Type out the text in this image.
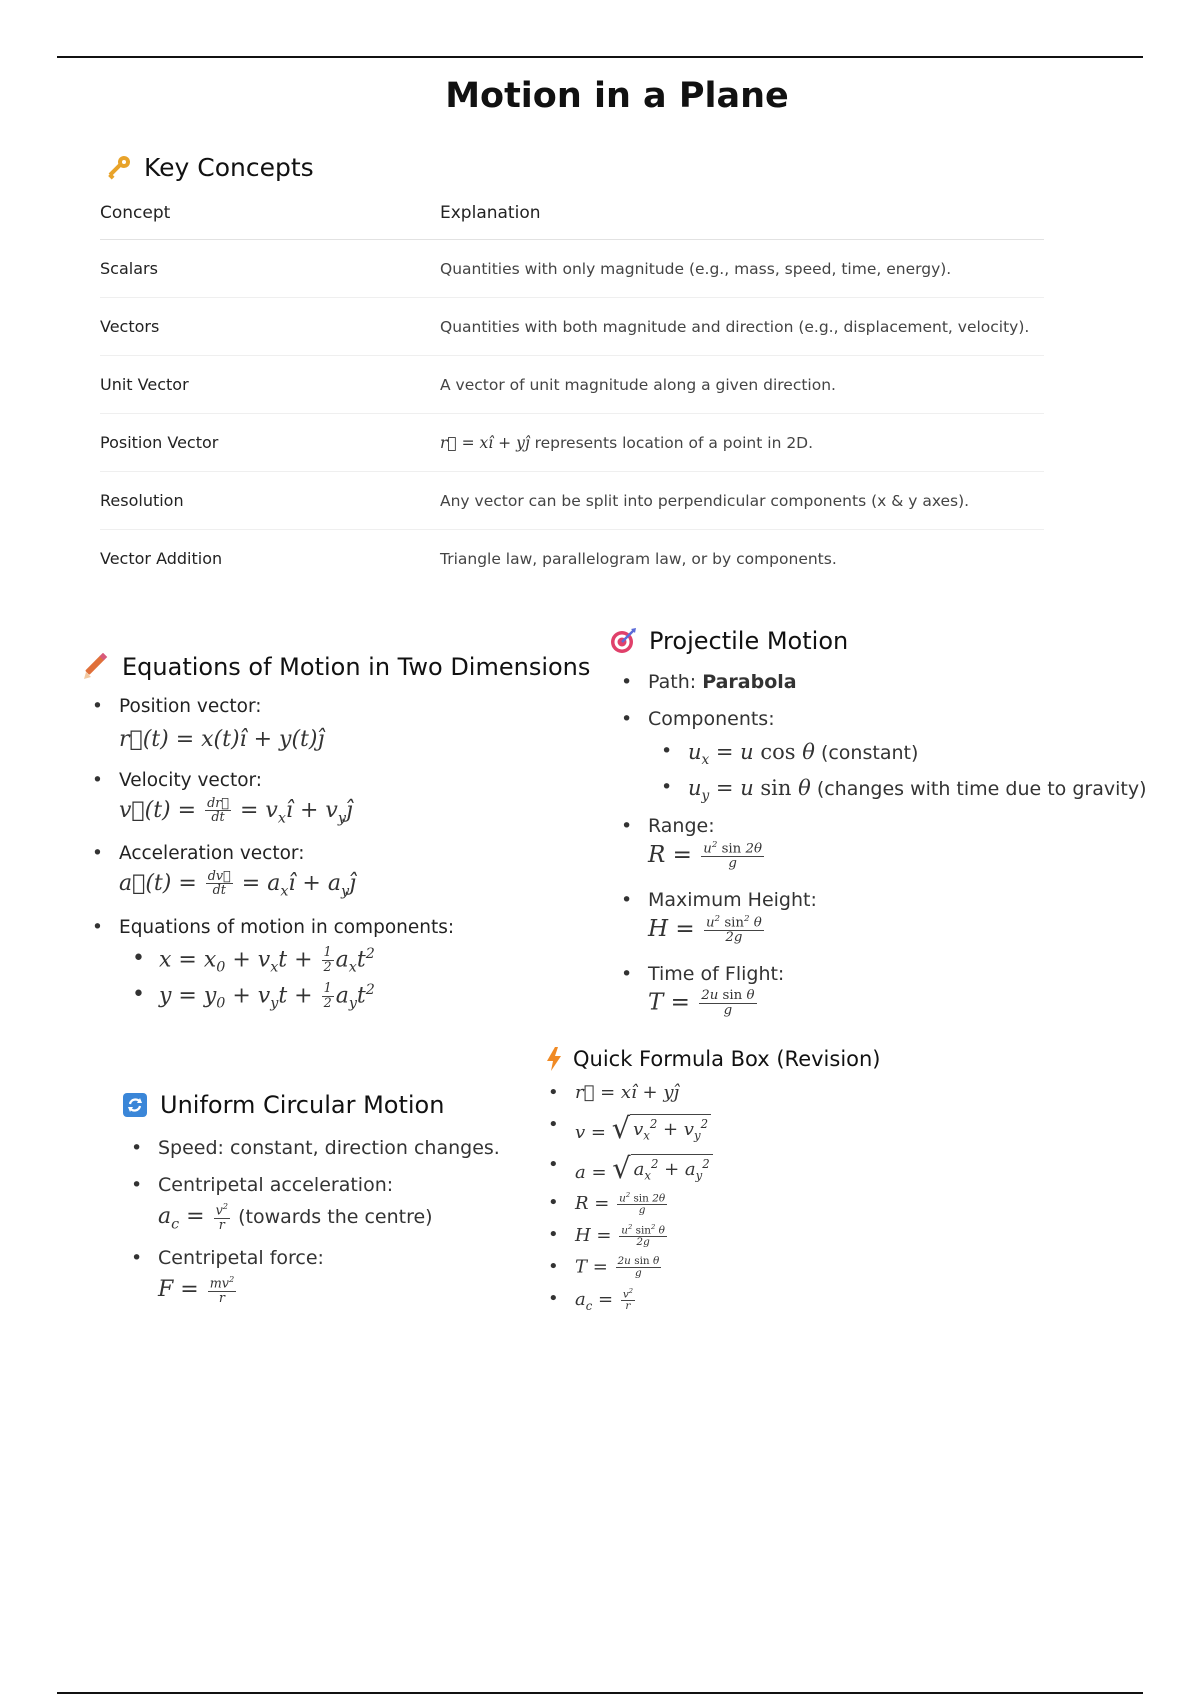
Motion in a Plane
Key Concepts
Concept	Explanation
Scalars	Quantities with only magnitude (e.g., mass, speed, time, energy).
Vectors	Quantities with both magnitude and direction (e.g., displacement, velocity).
Unit Vector	A vector of unit magnitude along a given direction.
Position Vector	r⃗ = xî + yĵ represents location of a point in 2D.
Resolution	Any vector can be split into perpendicular components (x & y axes).
Vector Addition	Triangle law, parallelogram law, or by components.
Equations of Motion in Two Dimensions
• Position vector:
r⃗(t) = x(t)î + y(t)ĵ
• Velocity vector:
v⃗(t) = $\frac{dr⃗}{dt}$ = $v_xî$ + $v_yĵ$
• Acceleration vector:
a⃗(t) = $\frac{dv⃗}{dt}$ = $a_xî$ + $a_yĵ$
• Equations of motion in components:
• $x = x_0 + v_xt + \frac{1}{2} a_xt^2$
• $y = y_0 + v_yt + \frac{1}{2} a_yt^2$
Projectile Motion
• Path: Parabola
• Components:
• $u_x = u$ cos θ (constant)
• $u_y = u$ sin θ (changes with time due to gravity)
• Range:
$R = \frac{u^2 \sin 2\theta}{g}$
• Maximum Height:
$H = \frac{u^2 \sin^2 \theta}{2g}$
• Time of Flight:
$T = \frac{\text{2u sin θ}}{g}$
Quick Formula Box (Revision)
• r⃗ = xî + yĵ
• v = √ $v_x^2 + v_y^2$
• a = √ $a_x^2 + a_y^2$
• $R = \frac{u^2 \sin 2\theta}{g}$
• $H = \frac{u^2 \sin^2 \theta}{2g}$
• $T = \frac{\text{2u sin θ}}{g}$
• $a_c = \frac{v^2}{r}$
Uniform Circular Motion
• Speed: constant, direction changes.
• Centripetal acceleration:
$a_c = \frac{v^2}{r}$ (towards the centre)
• Centripetal force:
$F = \frac{mv^2}{r}$
